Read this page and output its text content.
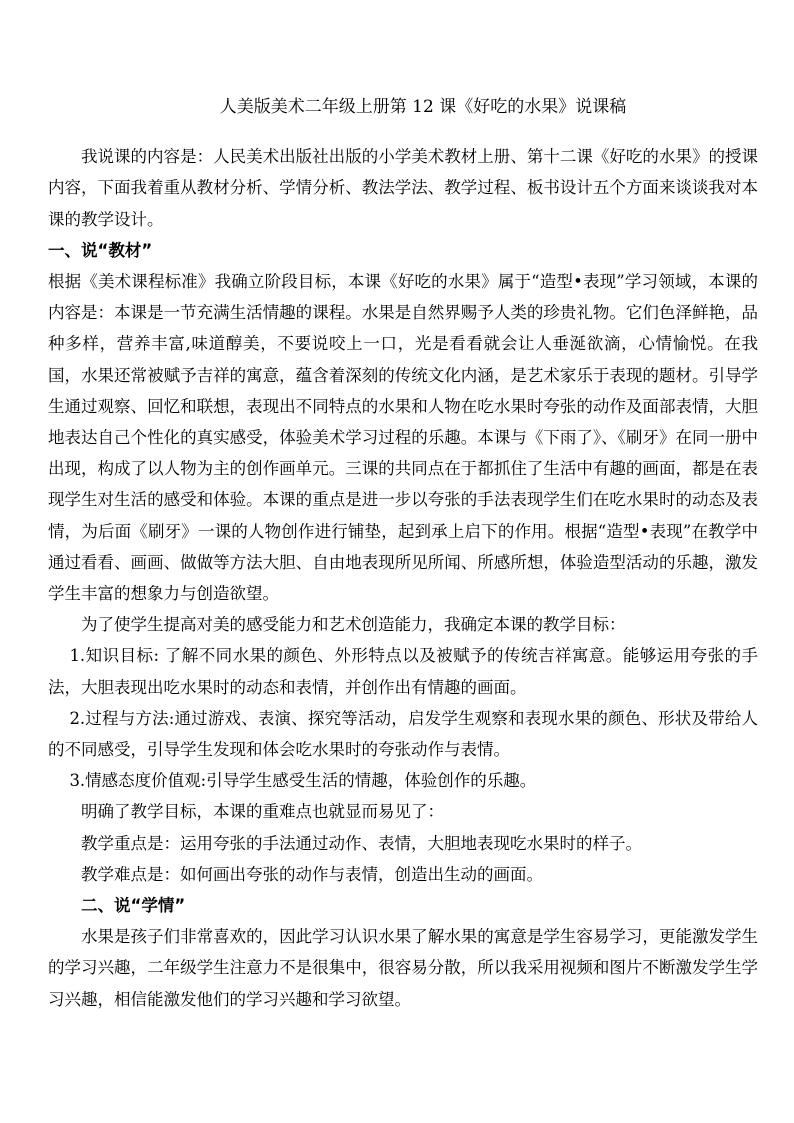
人美版美术二年级上册第 12 课《好吃的水果》说课稿

我说课的内容是：人民美术出版社出版的小学美术教材上册、第十二课《好吃的水果》的授课内容，下面我着重从教材分析、学情分析、教法学法、教学过程、板书设计五个方面来谈谈我对本课的教学设计。

一、说“教材”

根据《美术课程标准》我确立阶段目标，本课《好吃的水果》属于“造型•表现”学习领域，本课的内容是：本课是一节充满生活情趣的课程。水果是自然界赐予人类的珍贵礼物。它们色泽鲜艳，品种多样，营养丰富,味道醇美，不要说咬上一口，光是看看就会让人垂涎欲滴，心情愉悦。在我国，水果还常被赋予吉祥的寓意，蕴含着深刻的传统文化内涵，是艺术家乐于表现的题材。引导学生通过观察、回忆和联想，表现出不同特点的水果和人物在吃水果时夸张的动作及面部表情，大胆地表达自己个性化的真实感受，体验美术学习过程的乐趣。本课与《下雨了》、《刷牙》在同一册中出现，构成了以人物为主的创作画单元。三课的共同点在于都抓住了生活中有趣的画面，都是在表现学生对生活的感受和体验。本课的重点是进一步以夸张的手法表现学生们在吃水果时的动态及表情，为后面《刷牙》一课的人物创作进行铺垫，起到承上启下的作用。根据“造型•表现”在教学中通过看看、画画、做做等方法大胆、自由地表现所见所闻、所感所想，体验造型活动的乐趣，激发学生丰富的想象力与创造欲望。

为了使学生提高对美的感受能力和艺术创造能力，我确定本课的教学目标：

1.知识目标: 了解不同水果的颜色、外形特点以及被赋予的传统吉祥寓意。能够运用夸张的手法，大胆表现出吃水果时的动态和表情，并创作出有情趣的画面。

2.过程与方法:通过游戏、表演、探究等活动，启发学生观察和表现水果的颜色、形状及带给人的不同感受，引导学生发现和体会吃水果时的夸张动作与表情。

3.情感态度价值观:引导学生感受生活的情趣，体验创作的乐趣。

明确了教学目标，本课的重难点也就显而易见了：

教学重点是：运用夸张的手法通过动作、表情，大胆地表现吃水果时的样子。

教学难点是：如何画出夸张的动作与表情，创造出生动的画面。

二、说“学情”

水果是孩子们非常喜欢的，因此学习认识水果了解水果的寓意是学生容易学习，更能激发学生的学习兴趣，二年级学生注意力不是很集中，很容易分散，所以我采用视频和图片不断激发学生学习兴趣，相信能激发他们的学习兴趣和学习欲望。
